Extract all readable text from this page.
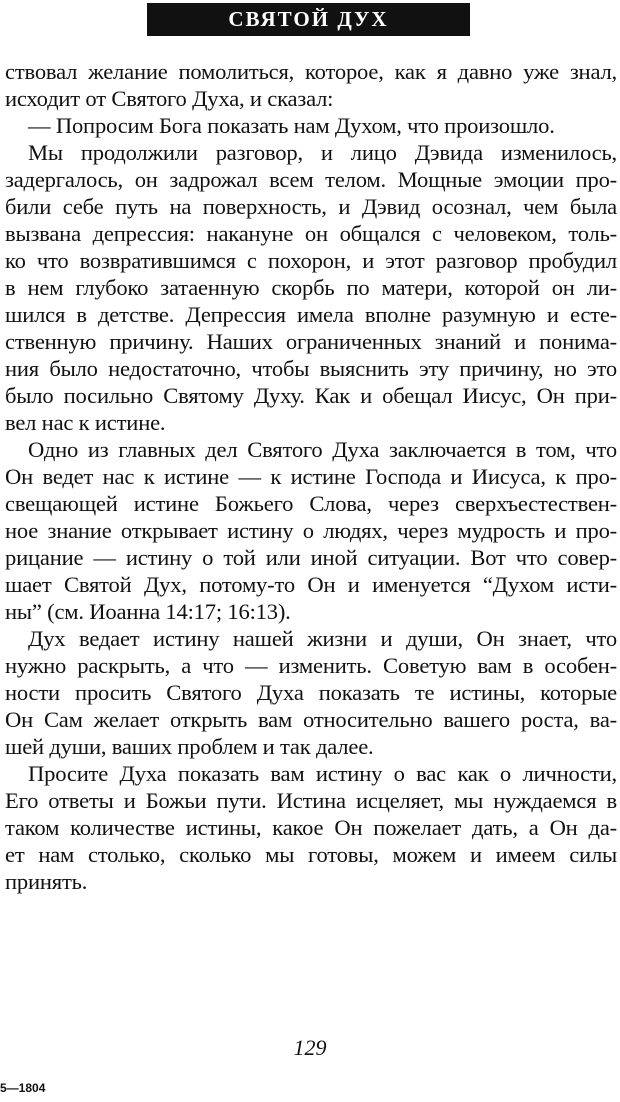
СВЯТОЙ ДУХ
ствовал желание помолиться, которое, как я давно уже знал,
исходит от Святого Духа, и сказал:
— Попросим Бога показать нам Духом, что произошло.
Мы продолжили разговор, и лицо Дэвида изменилось,
задергалось, он задрожал всем телом. Мощные эмоции про-
били себе путь на поверхность, и Дэвид осознал, чем была
вызвана депрессия: накануне он общался с человеком, толь-
ко что возвратившимся с похорон, и этот разговор пробудил
в нем глубоко затаенную скорбь по матери, которой он ли-
шился в детстве. Депрессия имела вполне разумную и есте-
ственную причину. Наших ограниченных знаний и понима-
ния было недостаточно, чтобы выяснить эту причину, но это
было посильно Святому Духу. Как и обещал Иисус, Он при-
вел нас к истине.
Одно из главных дел Святого Духа заключается в том, что
Он ведет нас к истине — к истине Господа и Иисуса, к про-
свещающей истине Божьего Слова, через сверхъестествен-
ное знание открывает истину о людях, через мудрость и про-
рицание — истину о той или иной ситуации. Вот что совер-
шает Святой Дух, потому-то Он и именуется “Духом исти-
ны” (см. Иоанна 14:17; 16:13).
Дух ведает истину нашей жизни и души, Он знает, что
нужно раскрыть, а что — изменить. Советую вам в особен-
ности просить Святого Духа показать те истины, которые
Он Сам желает открыть вам относительно вашего роста, ва-
шей души, ваших проблем и так далее.
Просите Духа показать вам истину о вас как о личности,
Его ответы и Божьи пути. Истина исцеляет, мы нуждаемся в
таком количестве истины, какое Он пожелает дать, а Он да-
ет нам столько, сколько мы готовы, можем и имеем силы
принять.
129
5—1804
